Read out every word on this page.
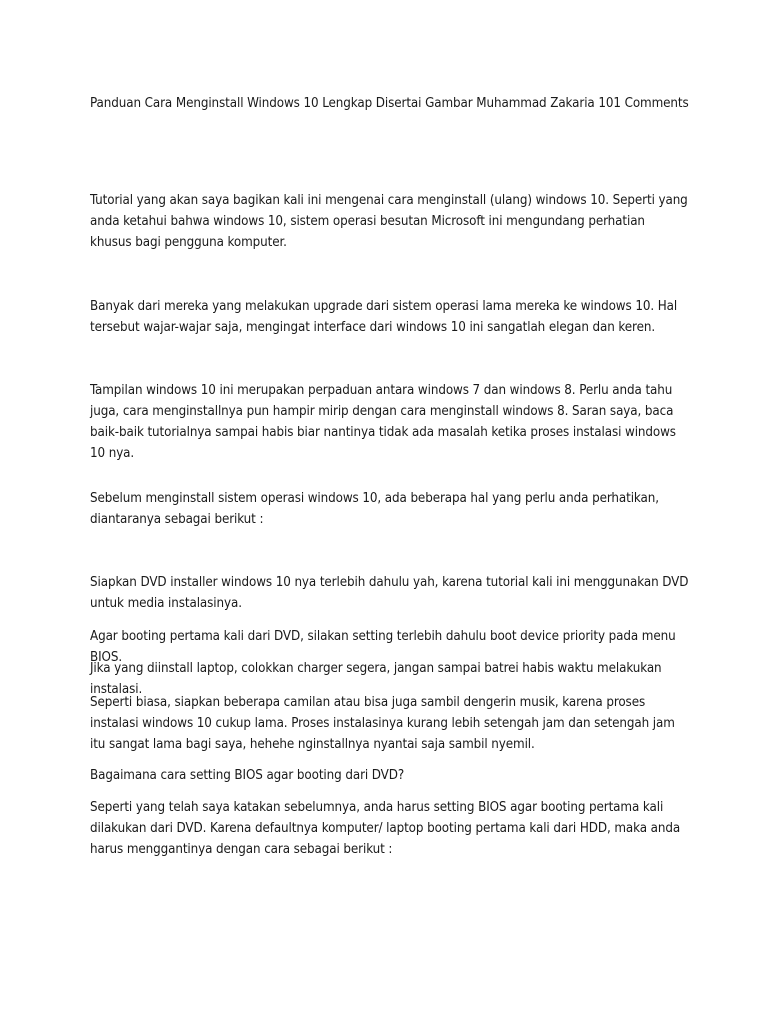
Panduan Cara Menginstall Windows 10 Lengkap Disertai Gambar Muhammad Zakaria 101 Comments

Tutorial yang akan saya bagikan kali ini mengenai cara menginstall (ulang) windows 10. Seperti yang anda ketahui bahwa windows 10, sistem operasi besutan Microsoft ini mengundang perhatian khusus bagi pengguna komputer.

Banyak dari mereka yang melakukan upgrade dari sistem operasi lama mereka ke windows 10. Hal tersebut wajar-wajar saja, mengingat interface dari windows 10 ini sangatlah elegan dan keren.

Tampilan windows 10 ini merupakan perpaduan antara windows 7 dan windows 8. Perlu anda tahu juga, cara menginstallnya pun hampir mirip dengan cara menginstall windows 8. Saran saya, baca baik-baik tutorialnya sampai habis biar nantinya tidak ada masalah ketika proses instalasi windows 10 nya.

Sebelum menginstall sistem operasi windows 10, ada beberapa hal yang perlu anda perhatikan, diantaranya sebagai berikut :

Siapkan DVD installer windows 10 nya terlebih dahulu yah, karena tutorial kali ini menggunakan DVD untuk media instalasinya.

Agar booting pertama kali dari DVD, silakan setting terlebih dahulu boot device priority pada menu BIOS.

Jika yang diinstall laptop, colokkan charger segera, jangan sampai batrei habis waktu melakukan instalasi.

Seperti biasa, siapkan beberapa camilan atau bisa juga sambil dengerin musik, karena proses instalasi windows 10 cukup lama. Proses instalasinya kurang lebih setengah jam dan setengah jam itu sangat lama bagi saya, hehehe nginstallnya nyantai saja sambil nyemil.

Bagaimana cara setting BIOS agar booting dari DVD?

Seperti yang telah saya katakan sebelumnya, anda harus setting BIOS agar booting pertama kali dilakukan dari DVD. Karena defaultnya komputer/ laptop booting pertama kali dari HDD, maka anda harus menggantinya dengan cara sebagai berikut :
